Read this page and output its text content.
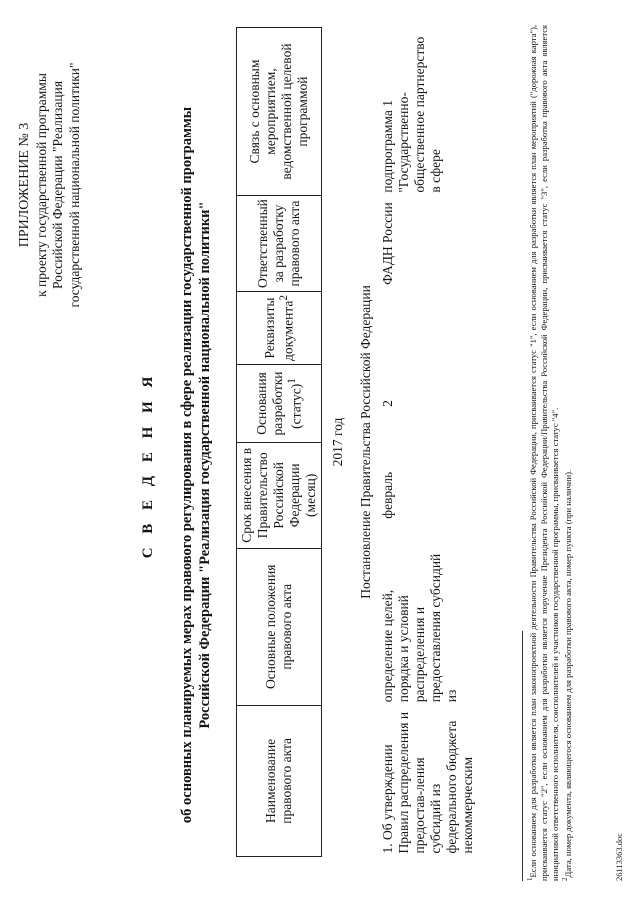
ПРИЛОЖЕНИЕ № 3 к проекту государственной программы Российской Федерации "Реализация государственной национальной политики"
С В Е Д Е Н И Я об основных планируемых мерах правового регулирования в сфере реализации государственной программы Российской Федерации "Реализация государственной национальной политики"
Наименование правового акта	Основные положения правового акта	Срок внесения в Правительство Российской Федерации (месяц)	Основания разработки (статус)$^1$	Реквизиты документа$^2$	Ответственный за разработку правового акта	Связь с основным мероприятием, ведомственной целевой программой
2017 год						
Постановление Правительства Российской Федерации						
1. Об утверждении Правил распределения и предостав-ления субсидий из федерального бюджета некоммерческим	определение целей, порядка и условий распределения и предоставления субсидий из	февраль	2		ФАДН России	подпрограмма 1 "Государственно-общественное партнерство в сфере

$^1$Если основанием для разработки является план законопроектной деятельности Правительства Российской Федерации, присваивается статус "1", если основанием для разработки является план мероприятий ("дорожная карта"), присваивается статус "2", если основанием для разработки является поручение Президента Российской Федерации/Правительства Российской Федерации, присваивается статус "3", если разработка правового акта является инициативой ответственного исполнителя, соисполнителей и участников государственной программы, присваивается статус "4". $^2$Дата, номер документа, являющегося основанием для разработки правового акта, номер пункта (при наличии).	26113363.doc
